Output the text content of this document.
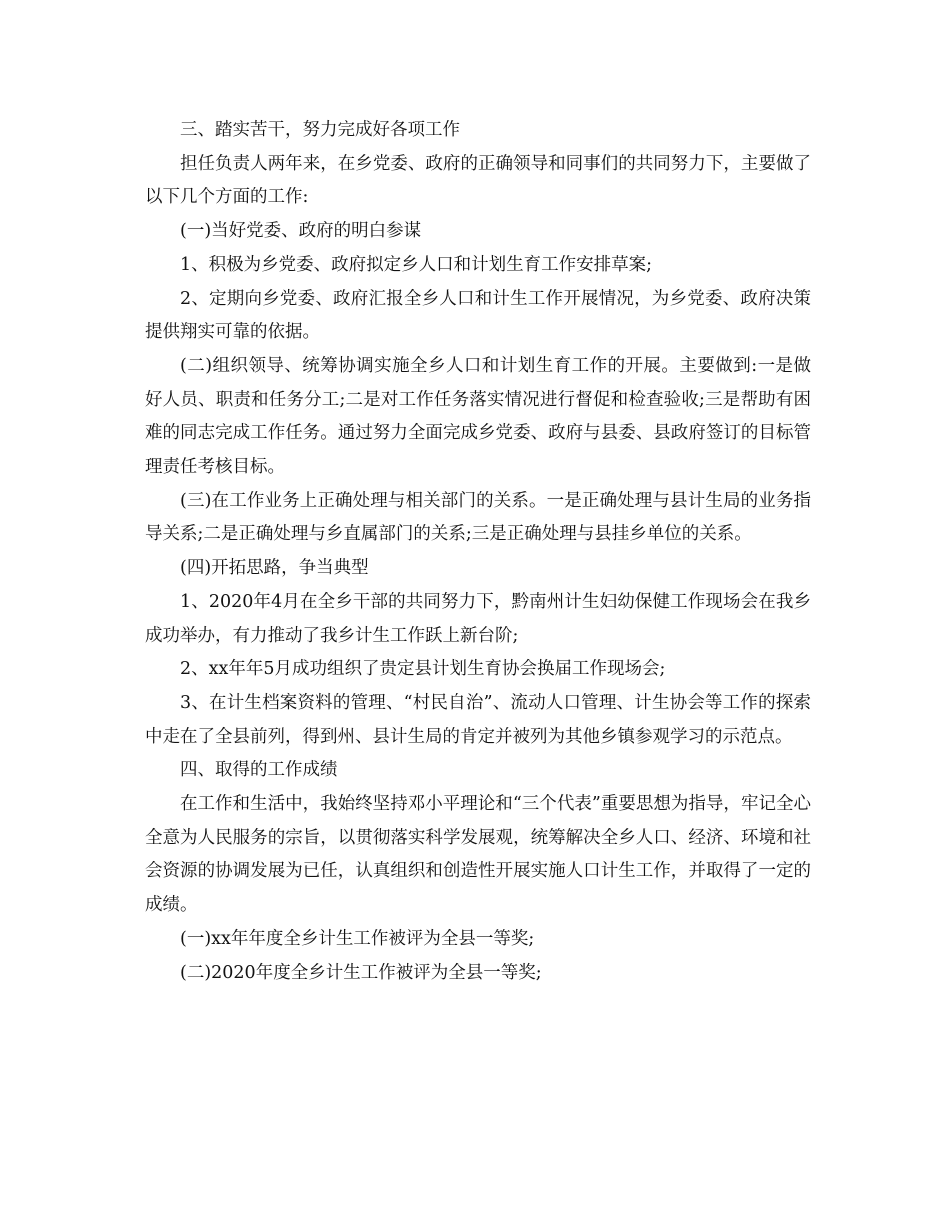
三、踏实苦干，努力完成好各项工作

担任负责人两年来，在乡党委、政府的正确领导和同事们的共同努力下，主要做了以下几个方面的工作:

(一)当好党委、政府的明白参谋

1、积极为乡党委、政府拟定乡人口和计划生育工作安排草案;

2、定期向乡党委、政府汇报全乡人口和计生工作开展情况，为乡党委、政府决策提供翔实可靠的依据。

(二)组织领导、统筹协调实施全乡人口和计划生育工作的开展。主要做到:一是做好人员、职责和任务分工;二是对工作任务落实情况进行督促和检查验收;三是帮助有困难的同志完成工作任务。通过努力全面完成乡党委、政府与县委、县政府签订的目标管理责任考核目标。

(三)在工作业务上正确处理与相关部门的关系。一是正确处理与县计生局的业务指导关系;二是正确处理与乡直属部门的关系;三是正确处理与县挂乡单位的关系。

(四)开拓思路，争当典型

1、2020年4月在全乡干部的共同努力下，黔南州计生妇幼保健工作现场会在我乡成功举办，有力推动了我乡计生工作跃上新台阶;

2、xx年年5月成功组织了贵定县计划生育协会换届工作现场会;

3、在计生档案资料的管理、“村民自治”、流动人口管理、计生协会等工作的探索中走在了全县前列，得到州、县计生局的肯定并被列为其他乡镇参观学习的示范点。

四、取得的工作成绩

在工作和生活中，我始终坚持邓小平理论和“三个代表”重要思想为指导，牢记全心全意为人民服务的宗旨，以贯彻落实科学发展观，统筹解决全乡人口、经济、环境和社会资源的协调发展为已任，认真组织和创造性开展实施人口计生工作，并取得了一定的成绩。

(一)xx年年度全乡计生工作被评为全县一等奖;

(二)2020年度全乡计生工作被评为全县一等奖;
